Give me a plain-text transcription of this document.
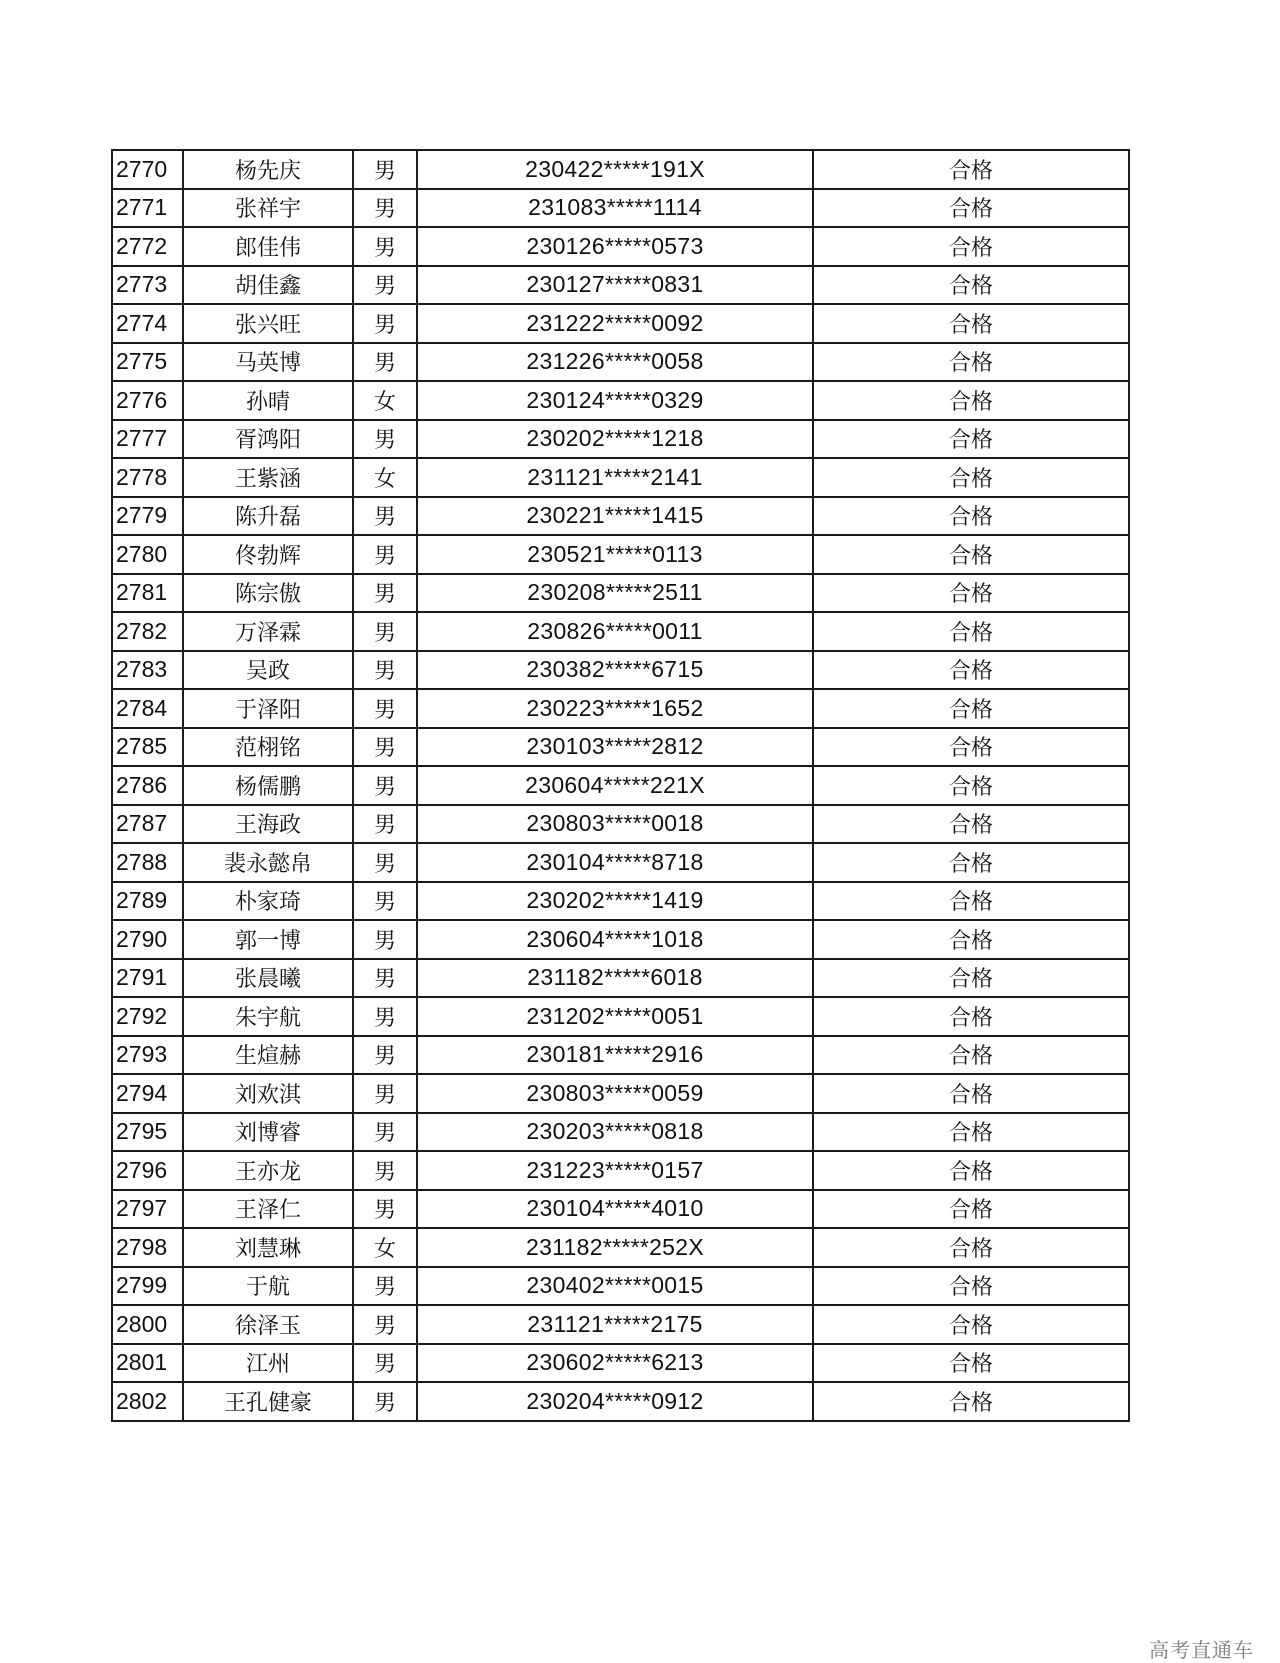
2770	杨先庆	男	230422*****191X	合格
2771	张祥宇	男	231083*****1114	合格
2772	郎佳伟	男	230126*****0573	合格
2773	胡佳鑫	男	230127*****0831	合格
2774	张兴旺	男	231222*****0092	合格
2775	马英博	男	231226*****0058	合格
2776	孙晴	女	230124*****0329	合格
2777	胥鸿阳	男	230202*****1218	合格
2778	王紫涵	女	231121*****2141	合格
2779	陈升磊	男	230221*****1415	合格
2780	佟勃辉	男	230521*****0113	合格
2781	陈宗傲	男	230208*****2511	合格
2782	万泽霖	男	230826*****0011	合格
2783	吴政	男	230382*****6715	合格
2784	于泽阳	男	230223*****1652	合格
2785	范栩铭	男	230103*****2812	合格
2786	杨儒鹏	男	230604*****221X	合格
2787	王海政	男	230803*****0018	合格
2788	裴永懿帛	男	230104*****8718	合格
2789	朴家琦	男	230202*****1419	合格
2790	郭一博	男	230604*****1018	合格
2791	张晨曦	男	231182*****6018	合格
2792	朱宇航	男	231202*****0051	合格
2793	生煊赫	男	230181*****2916	合格
2794	刘欢淇	男	230803*****0059	合格
2795	刘博睿	男	230203*****0818	合格
2796	王亦龙	男	231223*****0157	合格
2797	王泽仁	男	230104*****4010	合格
2798	刘慧琳	女	231182*****252X	合格
2799	于航	男	230402*****0015	合格
2800	徐泽玉	男	231121*****2175	合格
2801	江州	男	230602*****6213	合格
2802	王孔健豪	男	230204*****0912	合格
高考直通车
